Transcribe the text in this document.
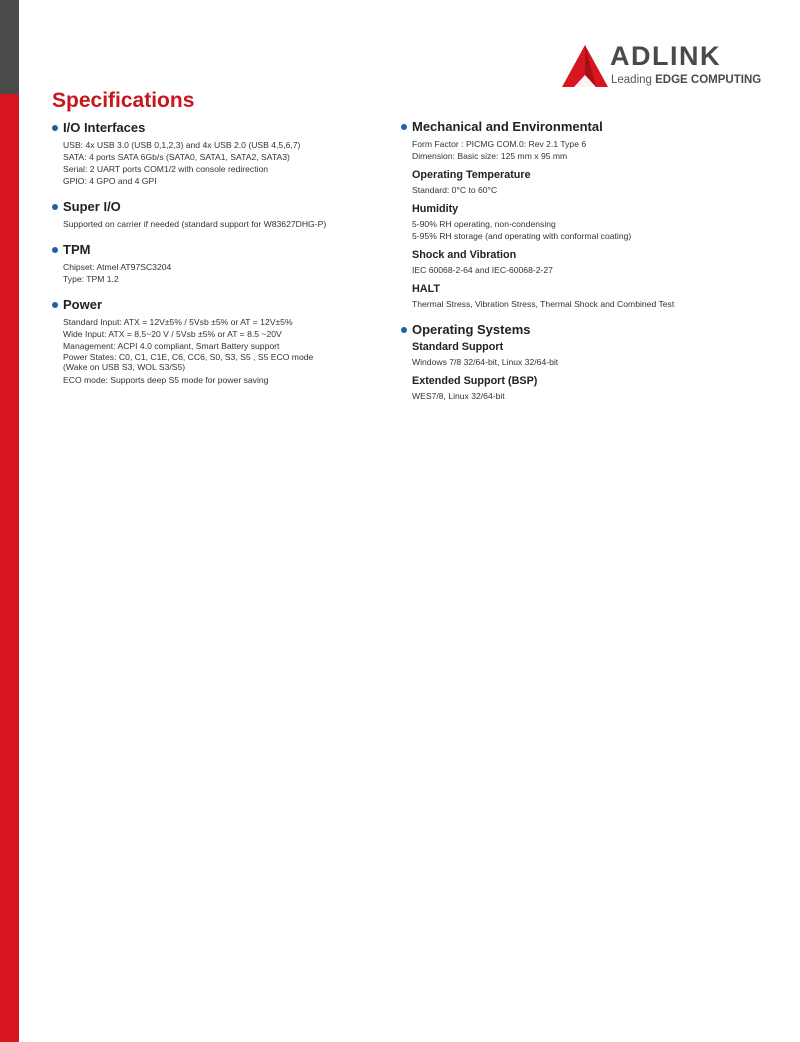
ADLINK
Leading EDGE COMPUTING
Specifications
I/O Interfaces
USB: 4x USB 3.0 (USB 0,1,2,3) and 4x USB 2.0 (USB 4,5,6,7)
SATA: 4 ports SATA 6Gb/s (SATA0, SATA1, SATA2, SATA3)
Serial: 2 UART ports COM1/2 with console redirection
GPIO: 4 GPO and 4 GPI
Super I/O
Supported on carrier if needed (standard support for W83627DHG-P)
TPM
Chipset: Atmel AT97SC3204
Type: TPM 1.2
Power
Standard Input: ATX = 12V±5% / 5Vsb ±5% or AT = 12V±5%
Wide Input: ATX = 8.5~20 V / 5Vsb ±5% or AT = 8.5 ~20V
Management: ACPI 4.0 compliant, Smart Battery support
Power States: C0, C1, C1E, C6, CC6, S0, S3, S5 , S5 ECO mode
(Wake on USB S3, WOL S3/S5)
ECO mode: Supports deep S5 mode for power saving
Mechanical and Environmental
Form Factor : PICMG COM.0: Rev 2.1 Type 6
Dimension: Basic size: 125 mm x 95 mm
Operating Temperature
Standard: 0°C to 60°C
Humidity
5-90% RH operating, non-condensing
5-95% RH storage (and operating with conformal coating)
Shock and Vibration
IEC 60068-2-64 and IEC-60068-2-27
HALT
Thermal Stress, Vibration Stress, Thermal Shock and Combined Test
Operating Systems
Standard Support
Windows 7/8 32/64-bit, Linux 32/64-bit
Extended Support (BSP)
WES7/8, Linux 32/64-bit
